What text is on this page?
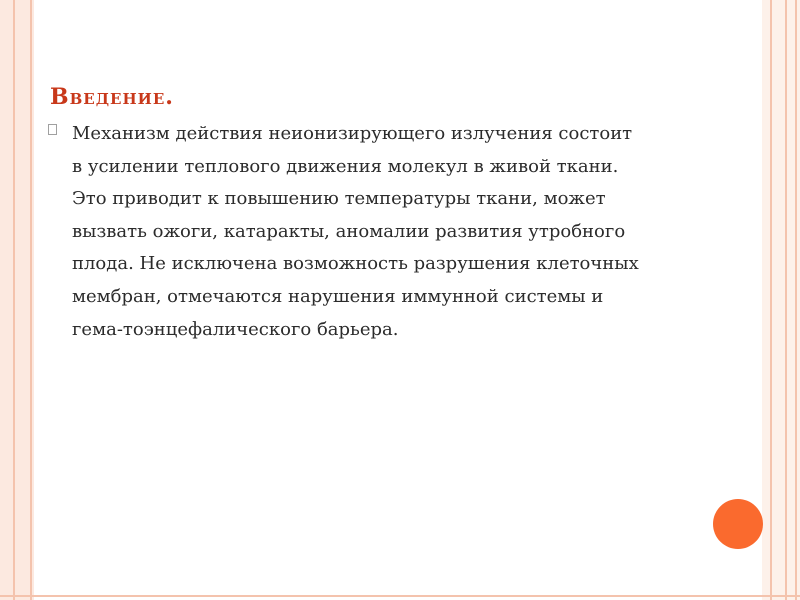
Введение.

Механизм действия неионизирующего излучения состоит
в усилении теплового движения молекул в живой ткани.
Это приводит к повышению температуры ткани, может
вызвать ожоги, катаракты, аномалии развития утробного
плода. Не исключена возможность разрушения клеточных
мембран, отмечаются нарушения иммунной системы и
гема-тоэнцефалического барьера.
